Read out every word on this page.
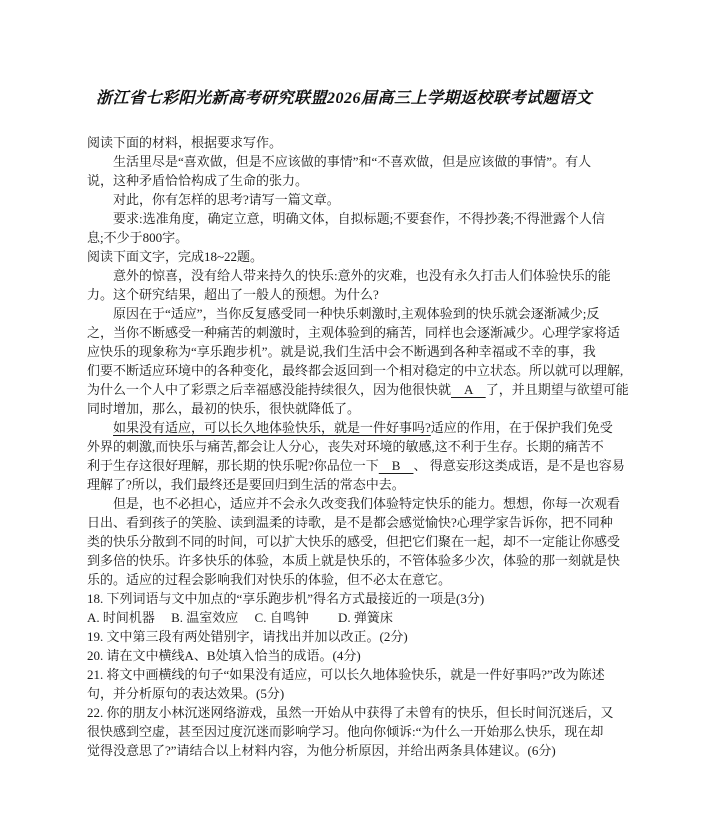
浙江省七彩阳光新高考研究联盟2026届高三上学期返校联考试题语文
阅读下面的材料，根据要求写作。
　　生活里尽是“喜欢做，但是不应该做的事情”和“不喜欢做，但是应该做的事情”。有人
说，这种矛盾恰恰构成了生命的张力。
　　对此，你有怎样的思考?请写一篇文章。
　　要求:选准角度，确定立意，明确文体，自拟标题;不要套作，不得抄袭;不得泄露个人信
息;不少于800字。
阅读下面文字，完成18~22题。
　　意外的惊喜，没有给人带来持久的快乐:意外的灾难，也没有永久打击人们体验快乐的能
力。这个研究结果，超出了一般人的预想。为什么?
　　原因在于“适应”，当你反复感受同一种快乐刺激时,主观体验到的快乐就会逐渐减少;反
之，当你不断感受一种痛苦的刺激时，主观体验到的痛苦，同样也会逐渐减少。心理学家将适
应快乐的现象称为“享乐跑步机”。就是说,我们生活中会不断遇到各种幸福或不幸的事，我
们要不断适应环境中的各种变化，最终都会返回到一个相对稳定的中立状态。所以就可以理解,
为什么一个人中了彩票之后幸福感没能持续很久，因为他很快就　A　了，并且期望与欲望可能
同时增加，那么，最初的快乐，很快就降低了。
　　如果没有适应，可以长久地体验快乐，就是一件好事吗?适应的作用，在于保护我们免受
外界的刺激,而快乐与痛苦,都会让人分心，丧失对环境的敏感,这不利于生存。长期的痛苦不
利于生存这很好理解，那长期的快乐呢?你品位一下　B　、 得意妄形这类成语，是不是也容易
理解了?所以，我们最终还是要回归到生活的常态中去。
　　但是，也不必担心，适应并不会永久改变我们体验特定快乐的能力。想想，你每一次观看
日出、看到孩子的笑脸、读到温柔的诗歌，是不是都会感觉愉快?心理学家告诉你，把不同种
类的快乐分散到不同的时间，可以扩大快乐的感受，但把它们聚在一起，却不一定能让你感受
到多倍的快乐。许多快乐的体验，本质上就是快乐的，不管体验多少次，体验的那一刻就是快
乐的。适应的过程会影响我们对快乐的体验，但不必太在意它。
18. 下列词语与文中加点的“享乐跑步机”得名方式最接近的一项是(3分)
A. 时间机器　 B. 温室效应　 C. 自鸣钟　　 D. 弹簧床
19. 文中第三段有两处错别字，请找出并加以改正。(2分)
20. 请在文中横线A、B处填入恰当的成语。(4分)
21. 将文中画横线的句子“如果没有适应，可以长久地体验快乐，就是一件好事吗?”改为陈述
句，并分析原句的表达效果。(5分)
22. 你的朋友小林沉迷网络游戏，虽然一开始从中获得了未曾有的快乐，但长时间沉迷后，又
很快感到空虚，甚至因过度沉迷而影响学习。他向你倾诉:“为什么一开始那么快乐，现在却
觉得没意思了?”请结合以上材料内容，为他分析原因，并给出两条具体建议。(6分)
